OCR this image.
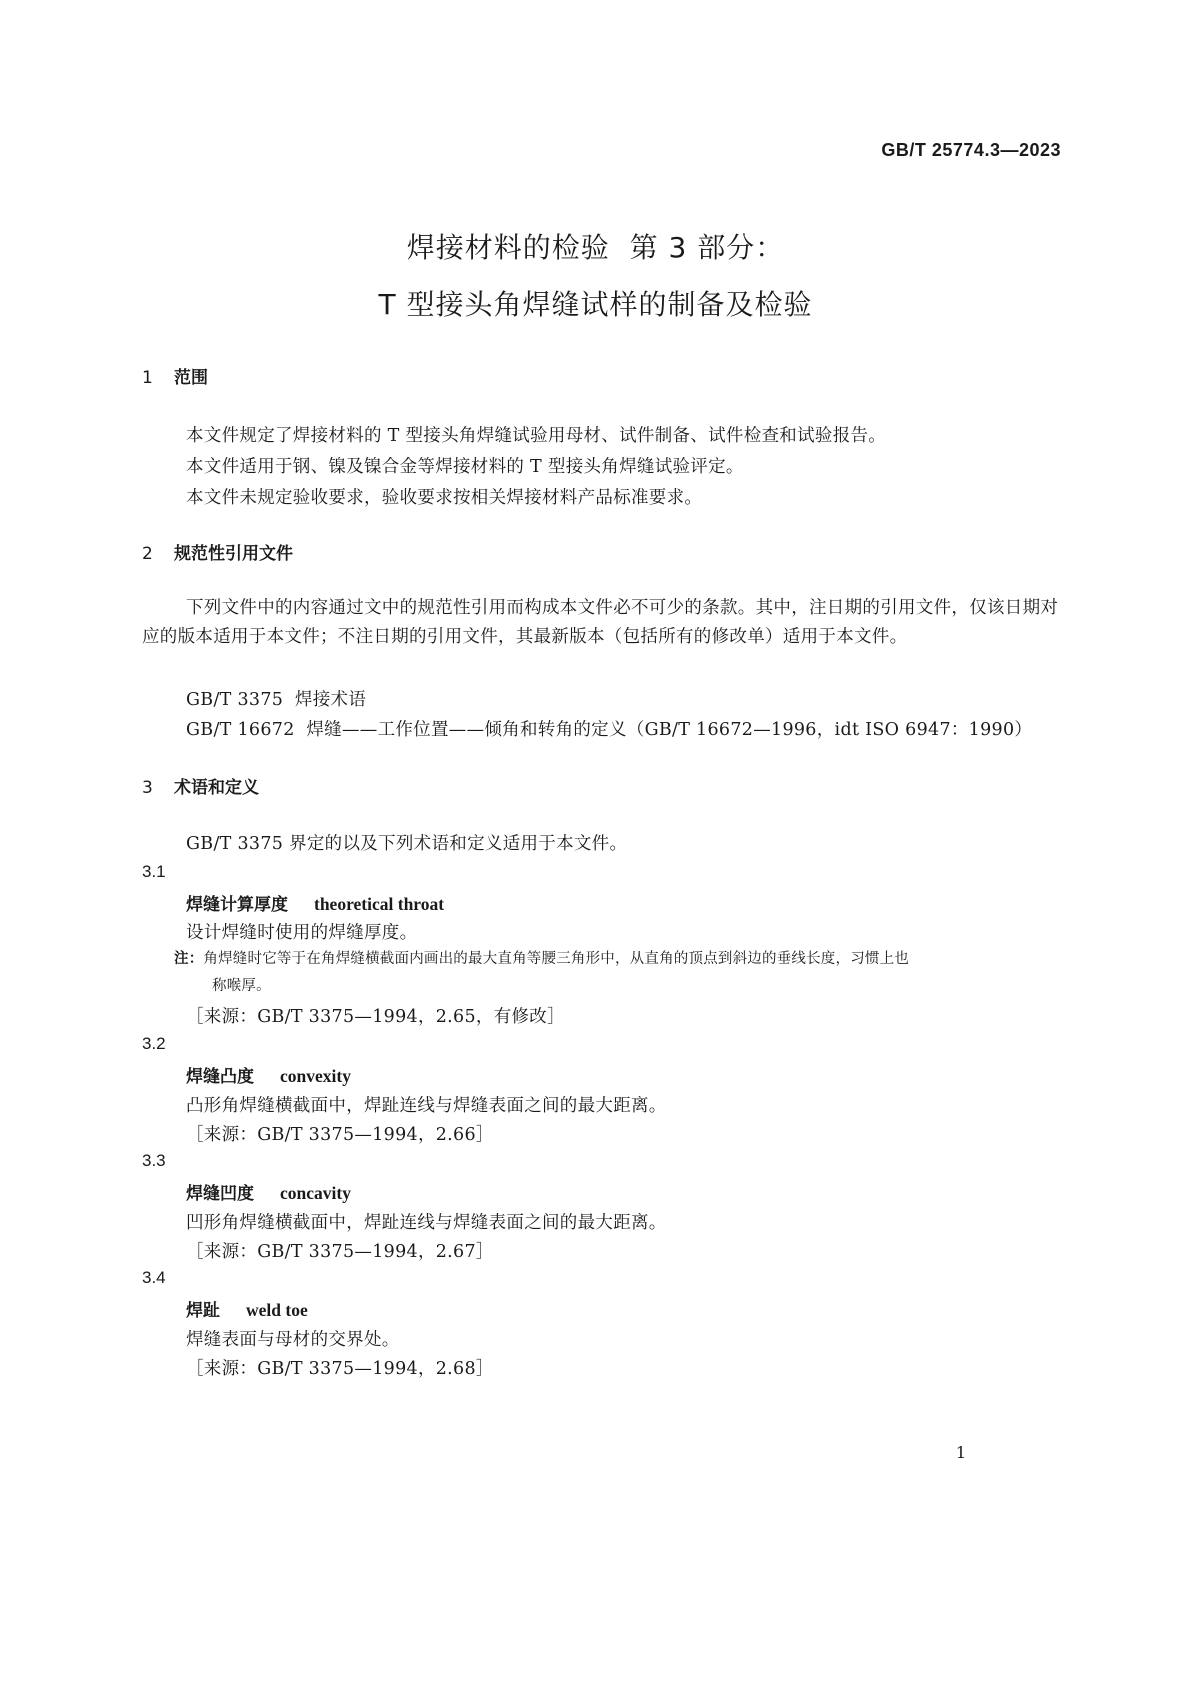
GB/T 25774.3—2023
焊接材料的检验  第 3 部分：
T 型接头角焊缝试样的制备及检验
1 范围
本文件规定了焊接材料的 T 型接头角焊缝试验用母材、试件制备、试件检查和试验报告。
本文件适用于钢、镍及镍合金等焊接材料的 T 型接头角焊缝试验评定。
本文件未规定验收要求，验收要求按相关焊接材料产品标准要求。
2 规范性引用文件
下列文件中的内容通过文中的规范性引用而构成本文件必不可少的条款。其中，注日期的引用文件，仅该日期对应的版本适用于本文件；不注日期的引用文件，其最新版本（包括所有的修改单）适用于本文件。
GB/T 3375  焊接术语
GB/T 16672  焊缝——工作位置——倾角和转角的定义（GB/T 16672—1996，idt ISO 6947：1990）
3 术语和定义
GB/T 3375 界定的以及下列术语和定义适用于本文件。
3.1
焊缝计算厚度 theoretical throat
设计焊缝时使用的焊缝厚度。
注：角焊缝时它等于在角焊缝横截面内画出的最大直角等腰三角形中，从直角的顶点到斜边的垂线长度，习惯上也
称喉厚。
［来源：GB/T 3375—1994，2.65，有修改］
3.2
焊缝凸度 convexity
凸形角焊缝横截面中，焊趾连线与焊缝表面之间的最大距离。
［来源：GB/T 3375—1994，2.66］
3.3
焊缝凹度 concavity
凹形角焊缝横截面中，焊趾连线与焊缝表面之间的最大距离。
［来源：GB/T 3375—1994，2.67］
3.4
焊趾 weld toe
焊缝表面与母材的交界处。
［来源：GB/T 3375—1994，2.68］
1
